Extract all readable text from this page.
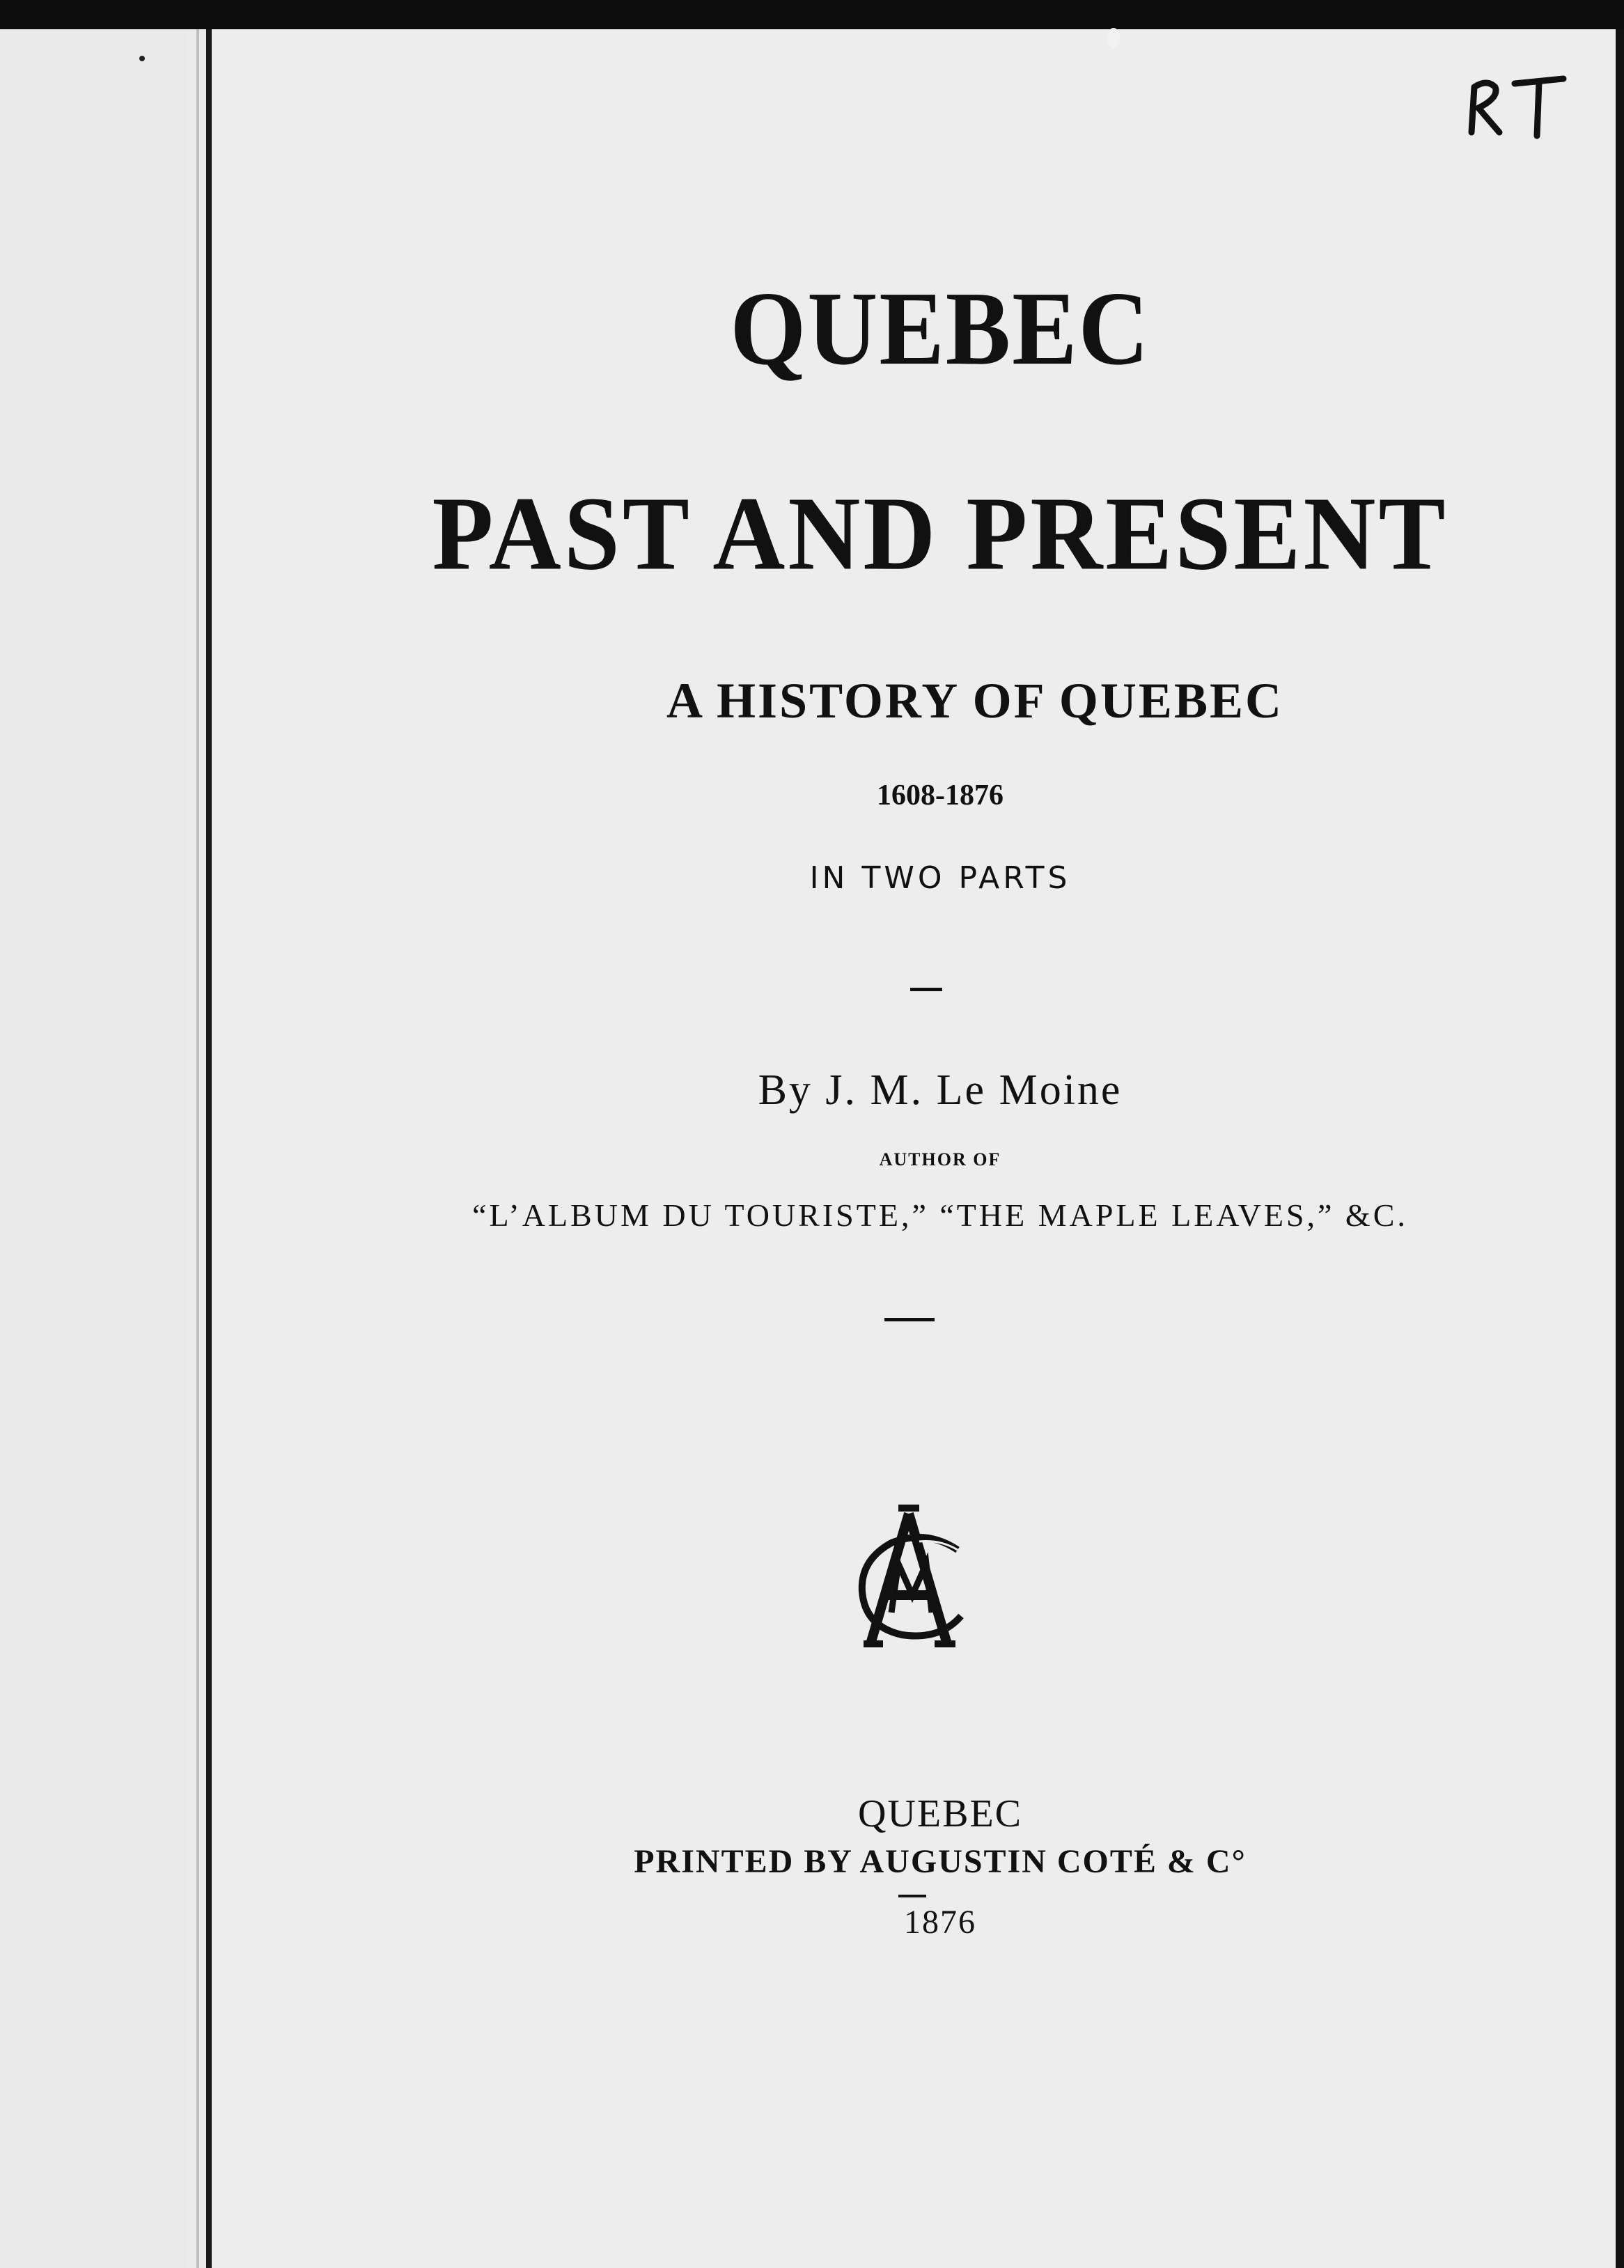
QUEBEC
PAST AND PRESENT
A HISTORY OF QUEBEC
1608-1876
IN TWO PARTS
By J. M. Le Moine
AUTHOR OF
“L’ALBUM DU TOURISTE,” “THE MAPLE LEAVES,” &C.
QUEBEC
PRINTED BY AUGUSTIN COTÉ & C°
1876
